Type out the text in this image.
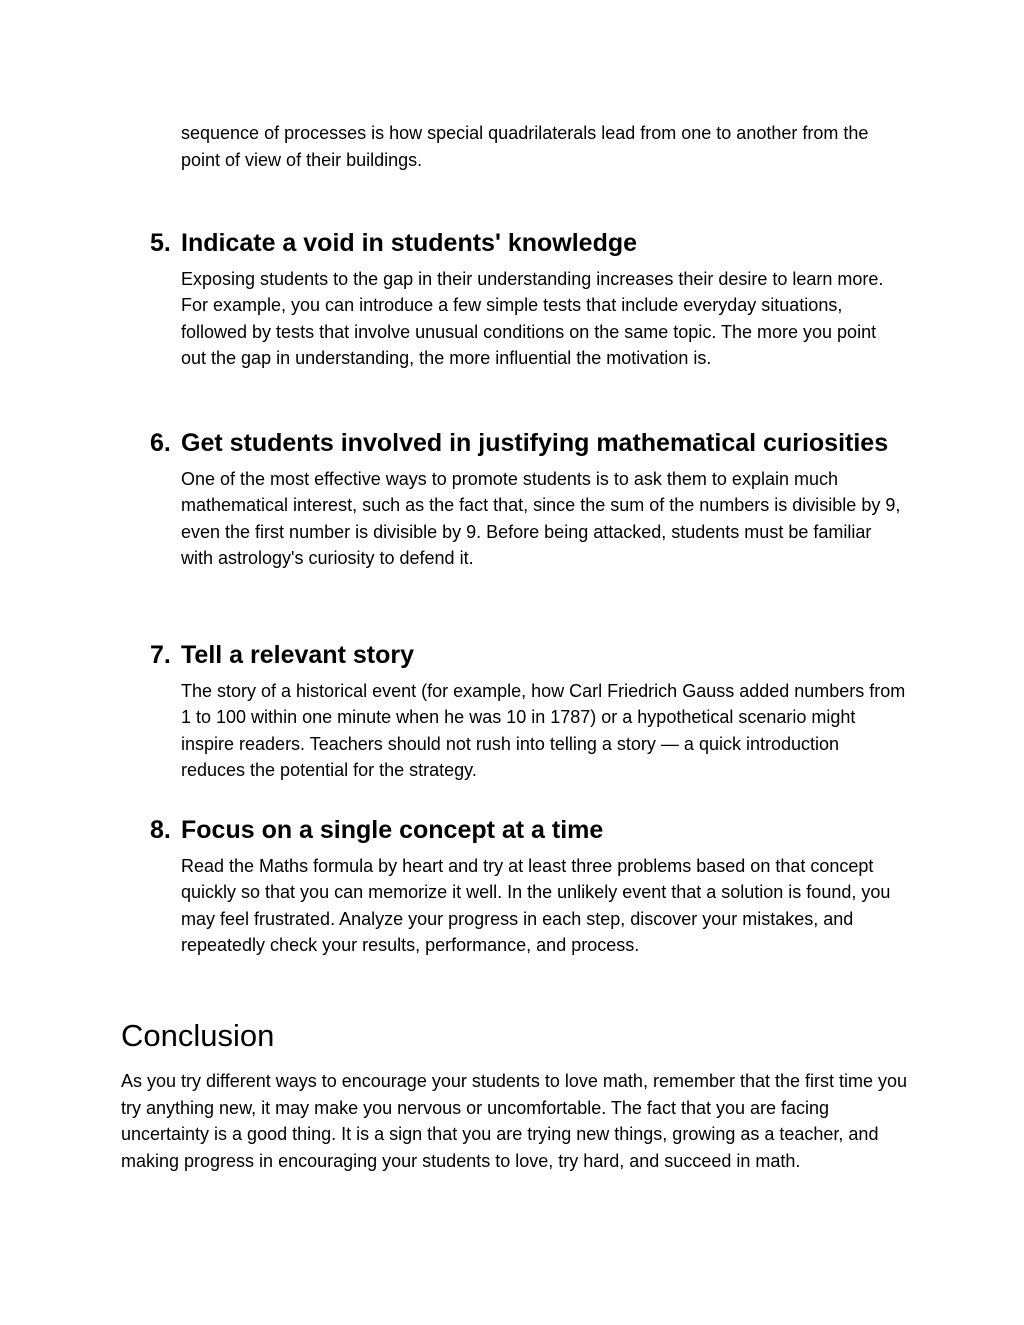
sequence of processes is how special quadrilaterals lead from one to another from the point of view of their buildings.

5. Indicate a void in students' knowledge

Exposing students to the gap in their understanding increases their desire to learn more. For example, you can introduce a few simple tests that include everyday situations, followed by tests that involve unusual conditions on the same topic. The more you point out the gap in understanding, the more influential the motivation is.

6. Get students involved in justifying mathematical curiosities

One of the most effective ways to promote students is to ask them to explain much mathematical interest, such as the fact that, since the sum of the numbers is divisible by 9, even the first number is divisible by 9. Before being attacked, students must be familiar with astrology's curiosity to defend it.

7. Tell a relevant story

The story of a historical event (for example, how Carl Friedrich Gauss added numbers from 1 to 100 within one minute when he was 10 in 1787) or a hypothetical scenario might inspire readers. Teachers should not rush into telling a story — a quick introduction reduces the potential for the strategy.

8. Focus on a single concept at a time

Read the Maths formula by heart and try at least three problems based on that concept quickly so that you can memorize it well. In the unlikely event that a solution is found, you may feel frustrated. Analyze your progress in each step, discover your mistakes, and repeatedly check your results, performance, and process.

Conclusion

As you try different ways to encourage your students to love math, remember that the first time you try anything new, it may make you nervous or uncomfortable. The fact that you are facing uncertainty is a good thing. It is a sign that you are trying new things, growing as a teacher, and making progress in encouraging your students to love, try hard, and succeed in math.
